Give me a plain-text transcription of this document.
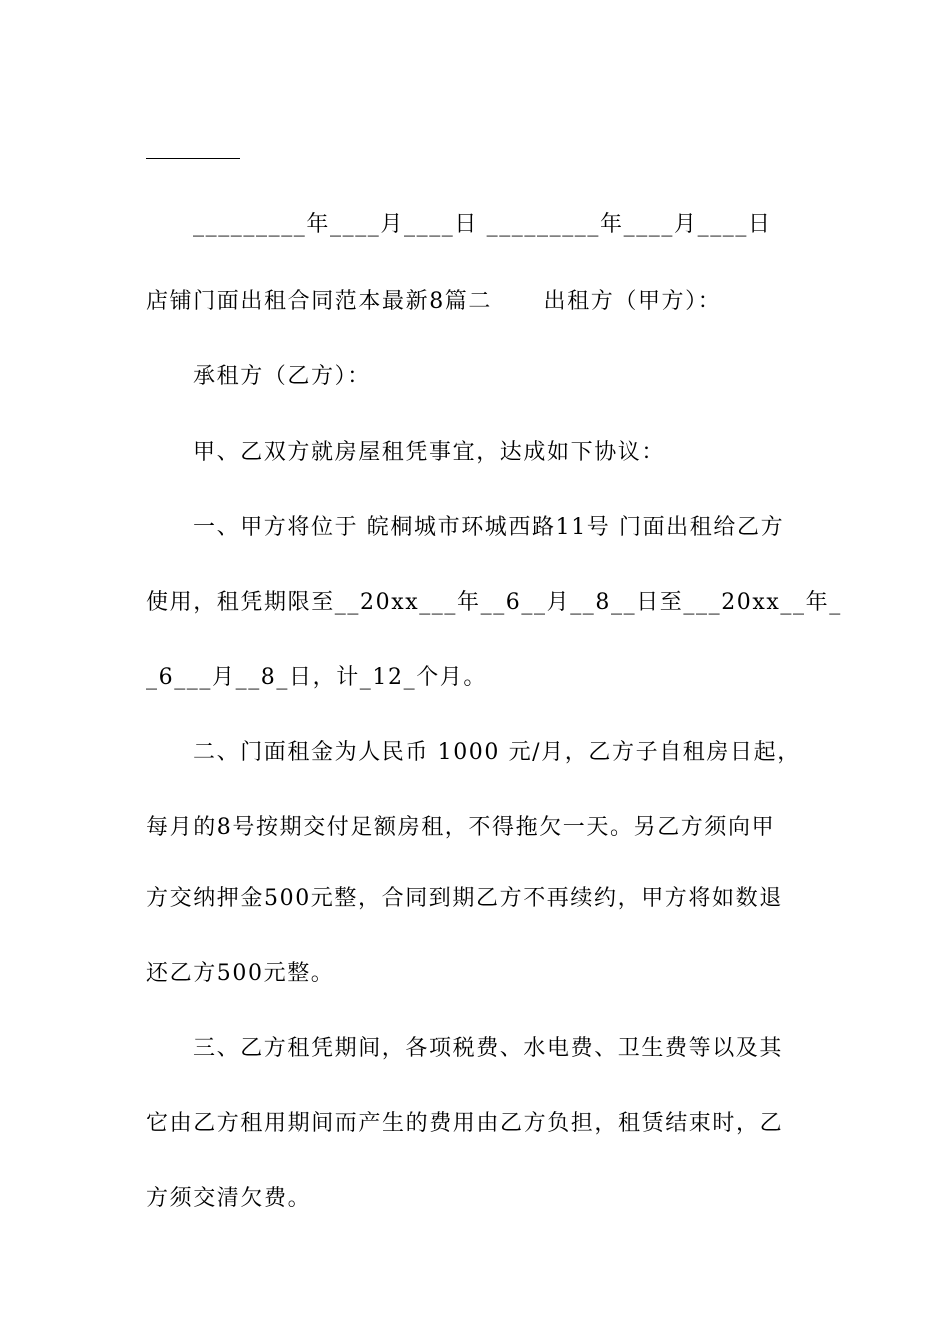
_________年____月____日 _________年____月____日
店铺门面出租合同范本最新8篇二      出租方（甲方）：
承租方（乙方）：
甲、乙双方就房屋租凭事宜，达成如下协议：
一、甲方将位于 皖桐城市环城西路11号 门面出租给乙方
使用，租凭期限至__20xx___年__6__月__8__日至___20xx__年_
_6___月__8_日，计_12_个月。
二、门面租金为人民币 1000 元/月，乙方子自租房日起，
每月的8号按期交付足额房租，不得拖欠一天。另乙方须向甲
方交纳押金500元整，合同到期乙方不再续约，甲方将如数退
还乙方500元整。
三、乙方租凭期间，各项税费、水电费、卫生费等以及其
它由乙方租用期间而产生的费用由乙方负担，租赁结束时，乙
方须交清欠费。
